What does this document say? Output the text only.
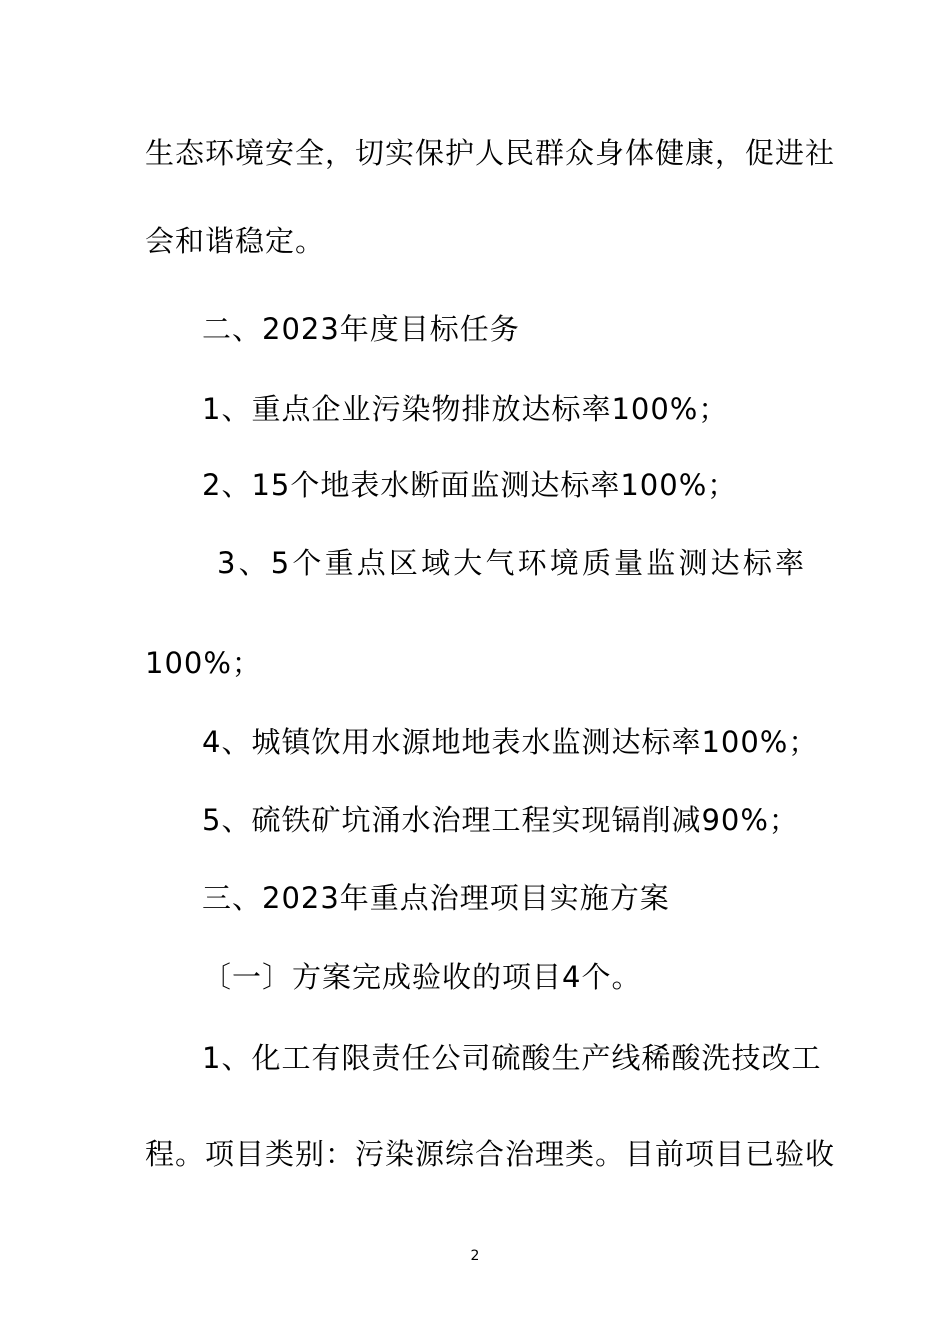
生态环境安全，切实保护人民群众身体健康，促进社
会和谐稳定。
二、2023年度目标任务
1、重点企业污染物排放达标率100%；
2、15个地表水断面监测达标率100%；
3、5个重点区域大气环境质量监测达标率
100%；
4、城镇饮用水源地地表水监测达标率100%；
5、硫铁矿坑涌水治理工程实现镉削减90%；
三、2023年重点治理项目实施方案
〔一〕方案完成验收的项目4个。
1、化工有限责任公司硫酸生产线稀酸洗技改工
程。项目类别：污染源综合治理类。目前项目已验收
2
